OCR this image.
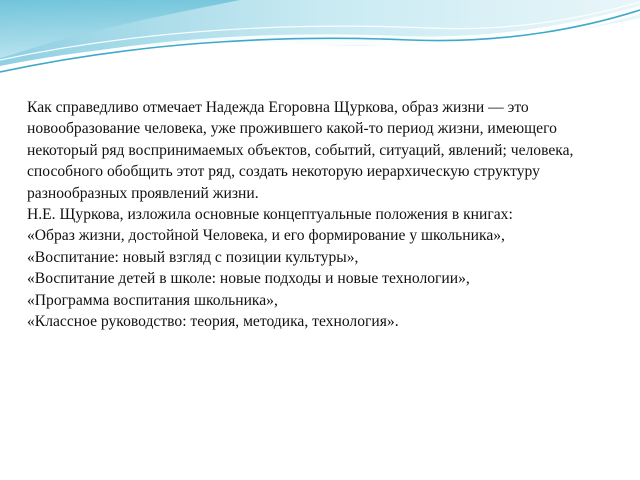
Как справедливо отмечает Надежда Егоровна Щуркова, образ жизни — это новообразование человека, уже прожившего какой-то период жизни, имеющего некоторый ряд воспринимаемых объектов, событий, ситуаций, явлений; человека, способного обобщить этот ряд, создать некоторую иерархическую структуру разнообразных проявлений жизни.

Н.Е. Щуркова, изложила основные концептуальные положения в книгах:

«Образ жизни, достойной Человека, и его формирование у школьника»,

«Воспитание: новый взгляд с позиции культуры»,

«Воспитание детей в школе: новые подходы и новые технологии»,

«Программа воспитания школьника»,

«Классное руководство: теория, методика, технология».
